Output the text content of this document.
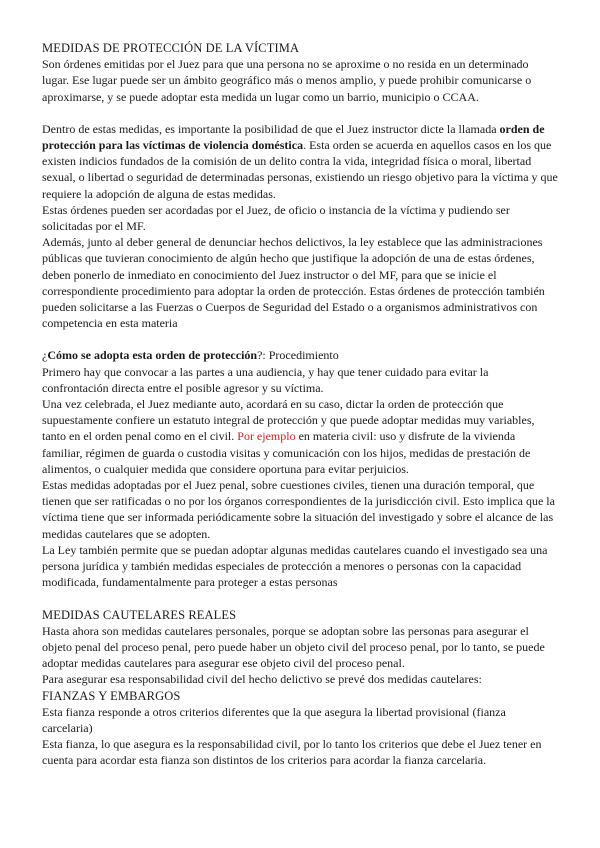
MEDIDAS DE PROTECCIÓN DE LA VÍCTIMA

Son órdenes emitidas por el Juez para que una persona no se aproxime o no resida en un determinado lugar. Ese lugar puede ser un ámbito geográfico más o menos amplio, y puede prohibir comunicarse o aproximarse, y se puede adoptar esta medida un lugar como un barrio, municipio o CCAA.

Dentro de estas medidas, es importante la posibilidad de que el Juez instructor dicte la llamada orden de protección para las víctimas de violencia doméstica. Esta orden se acuerda en aquellos casos en los que existen indicios fundados de la comisión de un delito contra la vida, integridad física o moral, libertad sexual, o libertad o seguridad de determinadas personas, existiendo un riesgo objetivo para la víctima y que requiere la adopción de alguna de estas medidas.

Estas órdenes pueden ser acordadas por el Juez, de oficio o instancia de la víctima y pudiendo ser solicitadas por el MF.

Además, junto al deber general de denunciar hechos delictivos, la ley establece que las administraciones públicas que tuvieran conocimiento de algún hecho que justifique la adopción de una de estas órdenes, deben ponerlo de inmediato en conocimiento del Juez instructor o del MF, para que se inicie el correspondiente procedimiento para adoptar la orden de protección. Estas órdenes de protección también pueden solicitarse a las Fuerzas o Cuerpos de Seguridad del Estado o a organismos administrativos con competencia en esta materia

¿Cómo se adopta esta orden de protección?: Procedimiento

Primero hay que convocar a las partes a una audiencia, y hay que tener cuidado para evitar la confrontación directa entre el posible agresor y su víctima.

Una vez celebrada, el Juez mediante auto, acordará en su caso, dictar la orden de protección que supuestamente confiere un estatuto integral de protección y que puede adoptar medidas muy variables, tanto en el orden penal como en el civil. Por ejemplo en materia civil: uso y disfrute de la vivienda familiar, régimen de guarda o custodia visitas y comunicación con los hijos, medidas de prestación de alimentos, o cualquier medida que considere oportuna para evitar perjuicios.

Estas medidas adoptadas por el Juez penal, sobre cuestiones civiles, tienen una duración temporal, que tienen que ser ratificadas o no por los órganos correspondientes de la jurisdicción civil. Esto implica que la víctima tiene que ser informada periódicamente sobre la situación del investigado y sobre el alcance de las medidas cautelares que se adopten.

La Ley también permite que se puedan adoptar algunas medidas cautelares cuando el investigado sea una persona jurídica y también medidas especiales de protección a menores o personas con la capacidad modificada, fundamentalmente para proteger a estas personas

MEDIDAS CAUTELARES REALES

Hasta ahora son medidas cautelares personales, porque se adoptan sobre las personas para asegurar el objeto penal del proceso penal, pero puede haber un objeto civil del proceso penal, por lo tanto, se puede adoptar medidas cautelares para asegurar ese objeto civil del proceso penal.

Para asegurar esa responsabilidad civil del hecho delictivo se prevé dos medidas cautelares:

FIANZAS Y EMBARGOS

Esta fianza responde a otros criterios diferentes que la que asegura la libertad provisional (fianza carcelaria)

Esta fianza, lo que asegura es la responsabilidad civil, por lo tanto los criterios que debe el Juez tener en cuenta para acordar esta fianza son distintos de los criterios para acordar la fianza carcelaria.
